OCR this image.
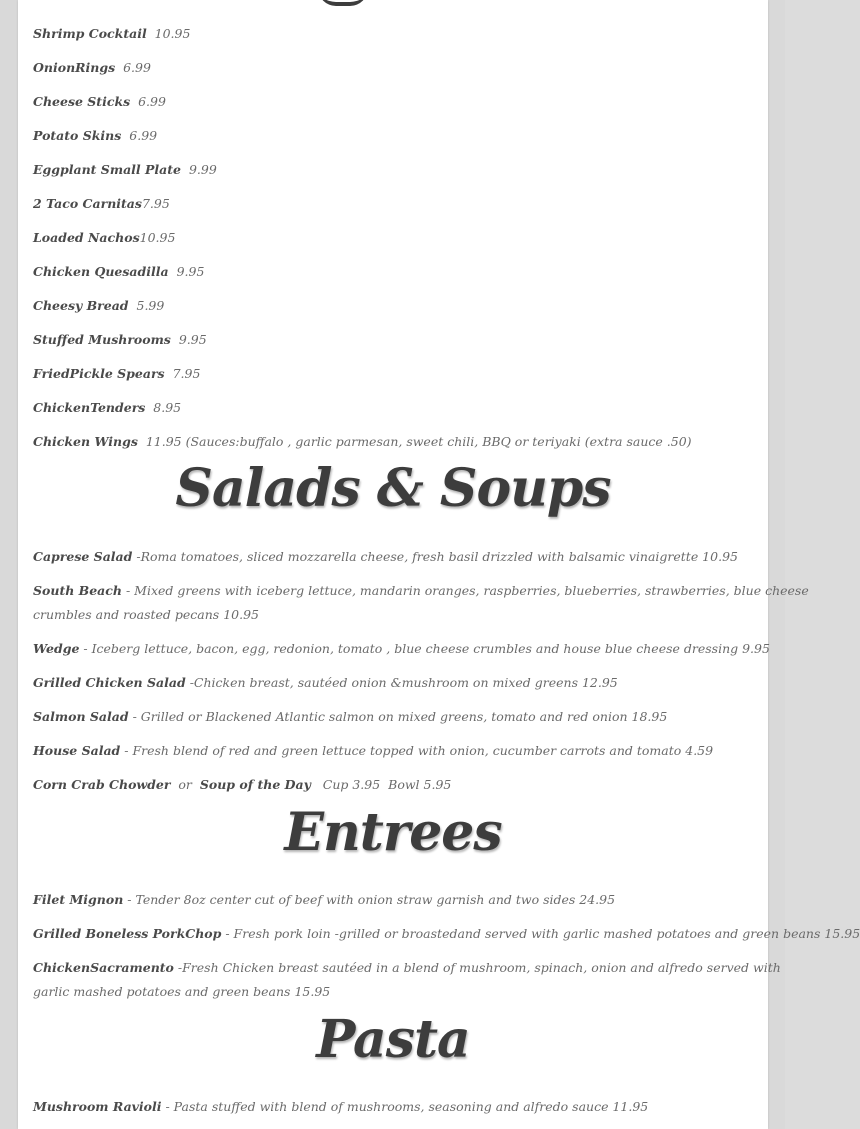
Shrimp Cocktail 10.95
OnionRings 6.99
Cheese Sticks 6.99
Potato Skins 6.99
Eggplant Small Plate 9.99
2 Taco Carnitas7.95
Loaded Nachos10.95
Chicken Quesadilla 9.95
Cheesy Bread 5.99
Stuffed Mushrooms 9.95
FriedPickle Spears 7.95
ChickenTenders 8.95
Chicken Wings 11.95 (Sauces:buffalo , garlic parmesan, sweet chili, BBQ or teriyaki (extra sauce .50)
Salads & Soups
Caprese Salad -Roma tomatoes, sliced mozzarella cheese, fresh basil drizzled with balsamic vinaigrette 10.95
South Beach - Mixed greens with iceberg lettuce, mandarin oranges, raspberries, blueberries, strawberries, blue cheese crumbles and roasted pecans 10.95
Wedge - Iceberg lettuce, bacon, egg, redonion, tomato , blue cheese crumbles and house blue cheese dressing 9.95
Grilled Chicken Salad -Chicken breast, sautéed onion &mushroom on mixed greens 12.95
Salmon Salad - Grilled or Blackened Atlantic salmon on mixed greens, tomato and red onion 18.95
House Salad - Fresh blend of red and green lettuce topped with onion, cucumber carrots and tomato 4.59
Corn Crab Chowder  or  Soup of the Day   Cup 3.95  Bowl 5.95
Entrees
Filet Mignon - Tender 8oz center cut of beef with onion straw garnish and two sides 24.95
Grilled Boneless PorkChop - Fresh pork loin -grilled or broastedand served with garlic mashed potatoes and green beans 15.95
ChickenSacramento -Fresh Chicken breast sautéed in a blend of mushroom, spinach, onion and alfredo served with garlic mashed potatoes and green beans 15.95
Pasta
Mushroom Ravioli - Pasta stuffed with blend of mushrooms, seasoning and alfredo sauce 11.95
